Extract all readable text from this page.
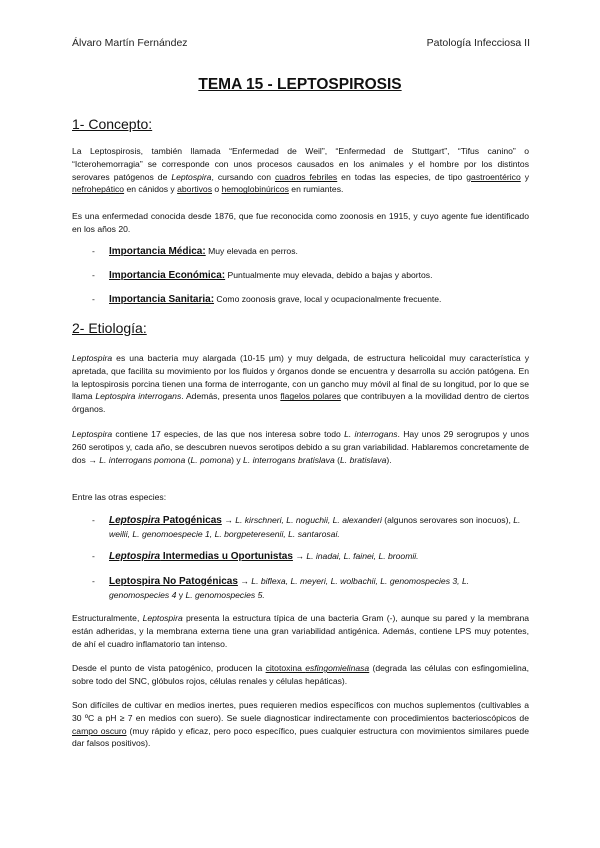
Álvaro Martín Fernández	Patología Infecciosa II
TEMA 15 - LEPTOSPIROSIS
1- Concepto:
La Leptospirosis, también llamada “Enfermedad de Weil”, “Enfermedad de Stuttgart”, “Tifus canino” o “Icterohemorragia” se corresponde con unos procesos causados en los animales y el hombre por los distintos serovares patógenos de Leptospira, cursando con cuadros febriles en todas las especies, de tipo gastroentérico y nefrohepático en cánidos y abortivos o hemoglobinúricos en rumiantes.
Es una enfermedad conocida desde 1876, que fue reconocida como zoonosis en 1915, y cuyo agente fue identificado en los años 20.
- Importancia Médica: Muy elevada en perros.
- Importancia Económica: Puntualmente muy elevada, debido a bajas y abortos.
- Importancia Sanitaria: Como zoonosis grave, local y ocupacionalmente frecuente.
2- Etiología:
Leptospira es una bacteria muy alargada (10-15 µm) y muy delgada, de estructura helicoidal muy característica y apretada, que facilita su movimiento por los fluidos y órganos donde se encuentra y desarrolla su acción patógena. En la leptospirosis porcina tienen una forma de interrogante, con un gancho muy móvil al final de su longitud, por lo que se llama Leptospira interrogans. Además, presenta unos flagelos polares que contribuyen a la movilidad dentro de ciertos órganos.
Leptospira contiene 17 especies, de las que nos interesa sobre todo L. interrogans. Hay unos 29 serogrupos y unos 260 serotipos y, cada año, se descubren nuevos serotipos debido a su gran variabilidad. Hablaremos concretamente de dos → L. interrogans pomona (L. pomona) y L. interrogans bratislava (L. bratislava).
Entre las otras especies:
- Leptospira Patogénicas → L. kirschneri, L. noguchii, L. alexanderi (algunos serovares son inocuos), L. weilii, L. genomoespecie 1, L. borgpeteresenii, L. santarosai.
- Leptospira Intermedias u Oportunistas → L. inadai, L. fainei, L. broomii.
- Leptospira No Patogénicas → L. biflexa, L. meyeri, L. wolbachii, L. genomospecies 3, L. genomospecies 4 y L. genomospecies 5.
Estructuralmente, Leptospira presenta la estructura típica de una bacteria Gram (-), aunque su pared y la membrana están adheridas, y la membrana externa tiene una gran variabilidad antigénica. Además, contiene LPS muy potentes, de ahí el cuadro inflamatorio tan intenso.
Desde el punto de vista patogénico, producen la citotoxina esfingomielinasa (degrada las células con esfingomielina, sobre todo del SNC, glóbulos rojos, células renales y células hepáticas).
Son difíciles de cultivar en medios inertes, pues requieren medios específicos con muchos suplementos (cultivables a 30 ºC a pH ≥ 7 en medios con suero). Se suele diagnosticar indirectamente con procedimientos bacterioscópicos de campo oscuro (muy rápido y eficaz, pero poco específico, pues cualquier estructura con movimientos similares puede dar falsos positivos).
